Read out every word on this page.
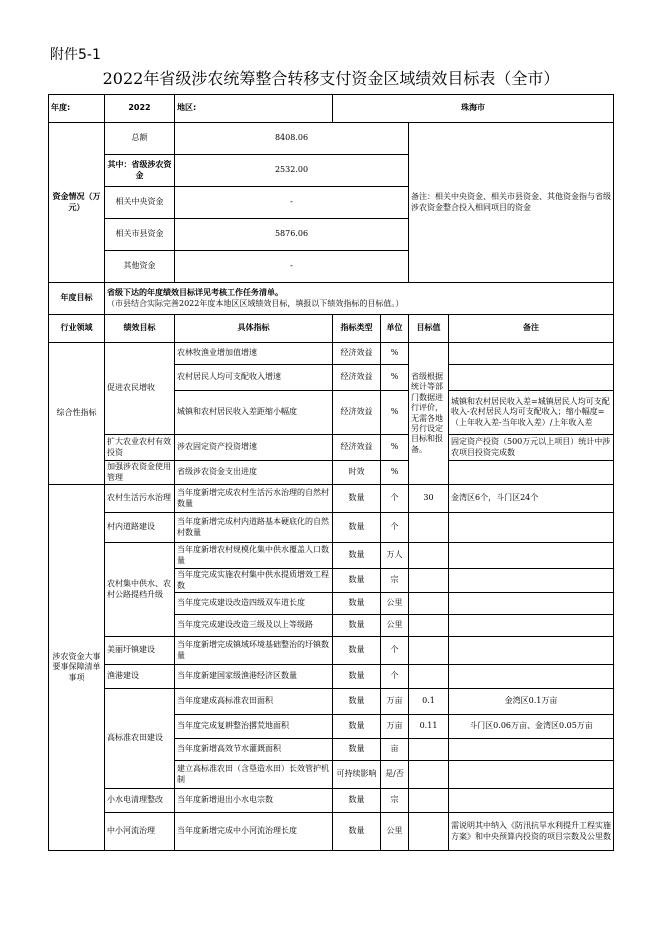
附件5-1
2022年省级涉农统筹整合转移支付资金区域绩效目标表（全市）
年度:	2022	地区:	珠海市			
资金情况（万元）	总额	8408.06			备注：相关中央资金、相关市县资金、其他资金指与省级涉农资金整合投入相同项目的资金	
	其中：省级涉农资金	2532.00				
	相关中央资金	-				
	相关市县资金	5876.06				
	其他资金	-				
年度目标	省级下达的年度绩效目标详见考核工作任务清单。
（市县结合实际完善2022年度本地区区域绩效目标，填报以下绩效指标的目标值。）					

行业领域	绩效目标	具体指标	指标类型	单位	目标值	备注
综合性指标	促进农民增收	农林牧渔业增加值增速	经济效益	%	省级根据统计等部门数据进行评价，无需各地另行设定目标和报备。	
		农村居民人均可支配收入增速	经济效益	%		
		城镇和农村居民收入差距缩小幅度	经济效益	%		城镇和农村居民收入差=城镇居民人均可支配收入-农村居民人均可支配收入；缩小幅度=（上年收入差-当年收入差）/上年收入差
	扩大农业农村有效投资	涉农固定资产投资增速	经济效益	%		固定资产投资（500万元以上项目）统计中涉农项目投资完成数
	加强涉农资金使用管理	省级涉农资金支出进度	时效	%		
涉农资金大事要事保障清单事项	农村生活污水治理	当年度新增完成农村生活污水治理的自然村数量	数量	个	30	金湾区6个，斗门区24个
	村内道路建设	当年度新增完成村内道路基本硬底化的自然村数量	数量	个		
	农村集中供水、农村公路提档升级	当年度新增农村规模化集中供水覆盖人口数量	数量	万人		
		当年度完成实施农村集中供水提质增效工程数	数量	宗		
		当年度完成建设改造四级双车道长度	数量	公里		
		当年度完成建设改造三级及以上等级路	数量	公里		
	美丽圩镇建设	当年度新增完成镇域环境基础整治的圩镇数量	数量	个		
	渔港建设	当年度新建国家级渔港经济区数量	数量	个		
	高标准农田建设	当年度建成高标准农田面积	数量	万亩	0.1	金湾区0.1万亩
		当年度完成复耕整治撂荒地面积	数量	万亩	0.11	斗门区0.06万亩、金湾区0.05万亩
		当年度新增高效节水灌溉面积	数量	亩		
		建立高标准农田（含垦造水田）长效管护机制	可持续影响	是/否		
	小水电清理整改	当年度新增退出小水电宗数	数量	宗		
	中小河流治理	当年度新增完成中小河流治理长度	数量	公里		需说明其中纳入《防汛抗旱水利提升工程实施方案》和中央预算内投资的项目宗数及公里数
